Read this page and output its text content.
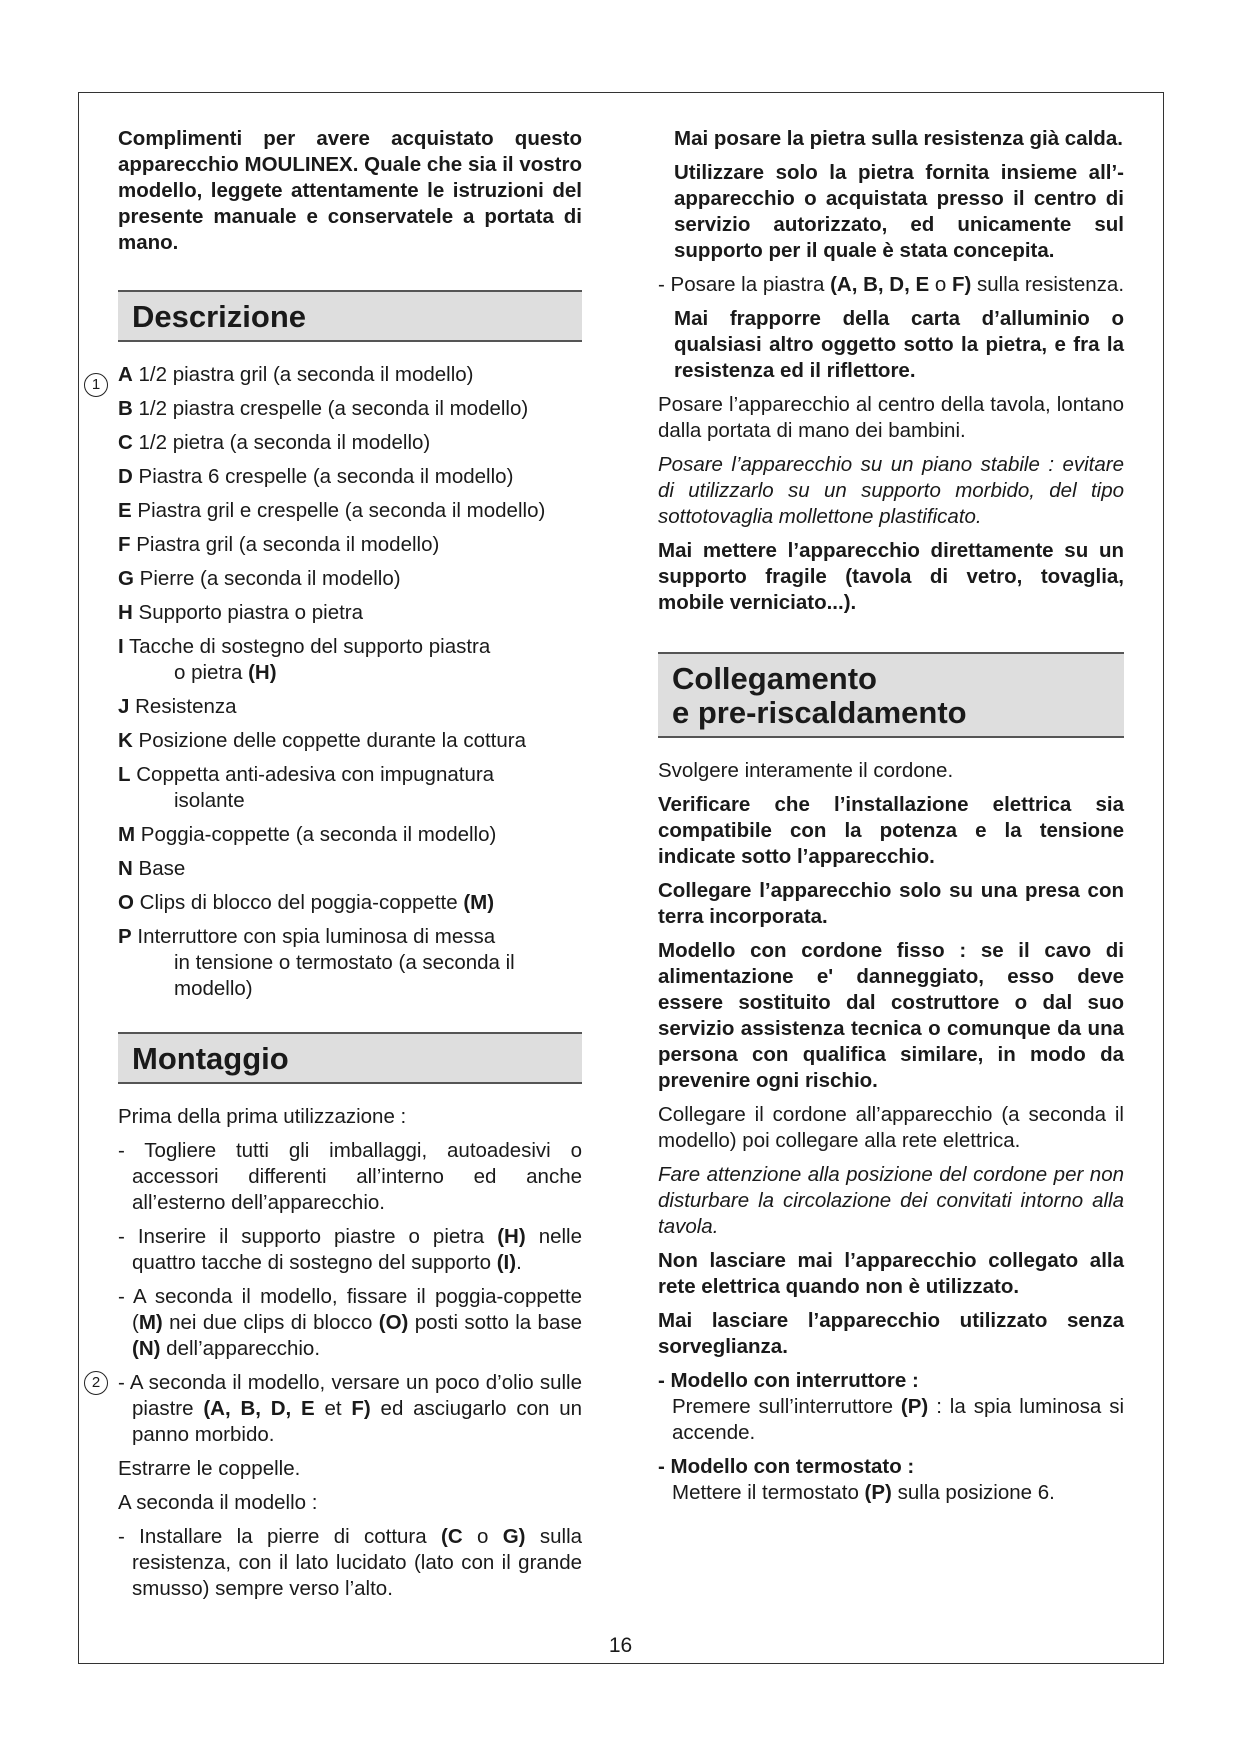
Complimenti per avere acquistato questo apparecchio MOULINEX. Quale che sia il vostro modello, leggete attentamente le istruzioni del presente manuale e conservatele a portata di mano.

Descrizione
A 1/2 piastra gril (a seconda il modello)
B 1/2 piastra crespelle (a seconda il modello)
C 1/2 pietra (a seconda il modello)
D Piastra 6 crespelle (a seconda il modello)
E Piastra gril e crespelle (a seconda il modello)
F Piastra gril (a seconda il modello)
G Pierre (a seconda il modello)
H Supporto piastra o pietra
I Tacche di sostegno del supporto piastra
o pietra (H)
J Resistenza
K Posizione delle coppette durante la cottura
L Coppetta anti-adesiva con impugnatura
isolante
M Poggia-coppette (a seconda il modello)
N Base
O Clips di blocco del poggia-coppette (M)
P Interruttore con spia luminosa di messa
in tensione o termostato (a seconda il modello)
Montaggio

Prima della prima utilizzazione :

- Togliere tutti gli imballaggi, autoadesivi o accessori differenti all’interno ed anche all’esterno dell’apparecchio.

- Inserire il supporto piastre o pietra (H) nelle quattro tacche di sostegno del supporto (I).

- A seconda il modello, fissare il poggia-coppette (M) nei due clips di blocco (O) posti sotto la base (N) dell’apparecchio.

- A seconda il modello, versare un poco d’olio sulle piastre (A, B, D, E et F) ed asciugarlo con un panno morbido.

Estrarre le coppelle.

A seconda il modello :

- Installare la pierre di cottura (C o G) sulla resistenza, con il lato lucidato (lato con il grande smusso) sempre verso l’alto.

1
2

Mai posare la pietra sulla resistenza già calda.

Utilizzare solo la pietra fornita insieme all’-apparecchio o acquistata presso il centro di servizio autorizzato, ed unicamente sul supporto per il quale è stata concepita.

- Posare la piastra (A, B, D, E o F) sulla resistenza.

Mai frapporre della carta d’alluminio o qualsiasi altro oggetto sotto la pietra, e fra la resistenza ed il riflettore.

Posare l’apparecchio al centro della tavola, lontano dalla portata di mano dei bambini.

Posare l’apparecchio su un piano stabile : evitare di utilizzarlo su un supporto morbido, del tipo sottotovaglia mollettone plastificato.

Mai mettere l’apparecchio direttamente su un supporto fragile (tavola di vetro, tovaglia, mobile verniciato...).

Collegamento
e pre-riscaldamento

Svolgere interamente il cordone.

Verificare che l’installazione elettrica sia compatibile con la potenza e la tensione indicate sotto l’apparecchio.

Collegare l’apparecchio solo su una presa con terra incorporata.

Modello con cordone fisso : se il cavo di alimentazione e' danneggiato, esso deve essere sostituito dal costruttore o dal suo servizio assistenza tecnica o comunque da una persona con qualifica similare, in modo da prevenire ogni rischio.

Collegare il cordone all’apparecchio (a seconda il modello) poi collegare alla rete elettrica.

Fare attenzione alla posizione del cordone per non disturbare la circolazione dei convitati intorno alla tavola.

Non lasciare mai l’apparecchio collegato alla rete elettrica quando non è utilizzato.

Mai lasciare l’apparecchio utilizzato senza sorveglianza.

- Modello con interruttore :
Premere sull’interruttore (P) : la spia luminosa si accende.

- Modello con termostato :
Mettere il termostato (P) sulla posizione 6.

16
